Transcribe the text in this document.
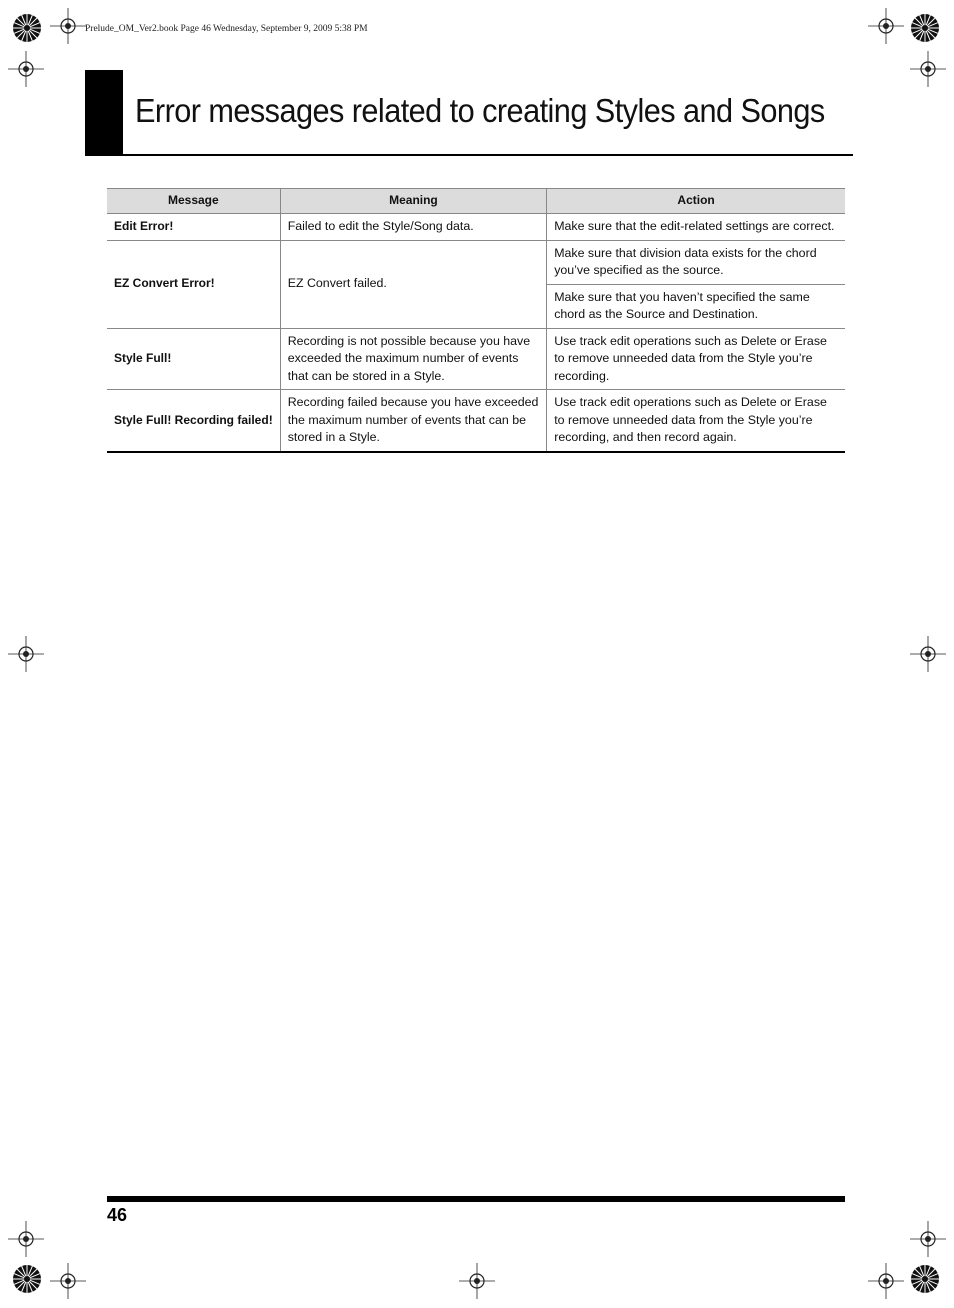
Prelude_OM_Ver2.book Page 46 Wednesday, September 9, 2009 5:38 PM
Error messages related to creating Styles and Songs
Message	Meaning	Action
Edit Error!	Failed to edit the Style/Song data.	Make sure that the edit-related settings are correct.
EZ Convert Error!	EZ Convert failed.	Make sure that division data exists for the chord you’ve specified as the source.
		Make sure that you haven’t specified the same chord as the Source and Destination.
Style Full!	Recording is not possible because you have exceeded the maximum number of events that can be stored in a Style.	Use track edit operations such as Delete or Erase to remove unneeded data from the Style you’re recording.
Style Full! Recording failed!	Recording failed because you have exceeded the maximum number of events that can be stored in a Style.	Use track edit operations such as Delete or Erase to remove unneeded data from the Style you’re recording, and then record again.
46
